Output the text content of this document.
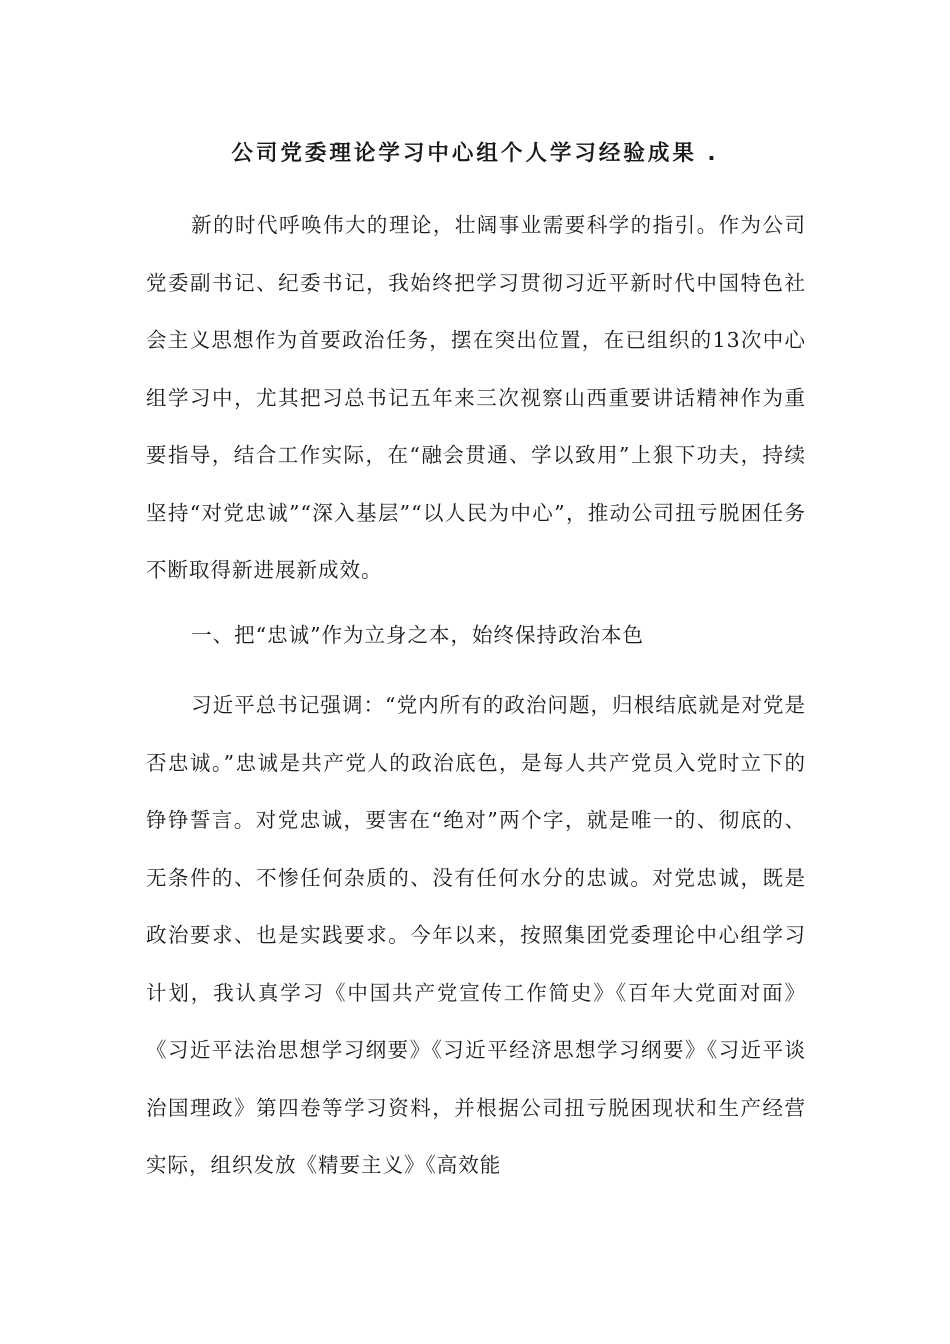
公司党委理论学习中心组个人学习经验成果 .

新的时代呼唤伟大的理论，壮阔事业需要科学的指引。作为公司党委副书记、纪委书记，我始终把学习贯彻习近平新时代中国特色社会主义思想作为首要政治任务，摆在突出位置，在已组织的13次中心组学习中，尤其把习总书记五年来三次视察山西重要讲话精神作为重要指导，结合工作实际，在“融会贯通、学以致用”上狠下功夫，持续坚持“对党忠诚”“深入基层”“以人民为中心”，推动公司扭亏脱困任务不断取得新进展新成效。

一、把“忠诚”作为立身之本，始终保持政治本色

习近平总书记强调：“党内所有的政治问题，归根结底就是对党是否忠诚。”忠诚是共产党人的政治底色，是每人共产党员入党时立下的铮铮誓言。对党忠诚，要害在“绝对”两个字，就是唯一的、彻底的、无条件的、不惨任何杂质的、没有任何水分的忠诚。对党忠诚，既是政治要求、也是实践要求。今年以来，按照集团党委理论中心组学习计划，我认真学习《中国共产党宣传工作简史》《百年大党面对面》《习近平法治思想学习纲要》《习近平经济思想学习纲要》《习近平谈治国理政》第四卷等学习资料，并根据公司扭亏脱困现状和生产经营实际，组织发放《精要主义》《高效能
